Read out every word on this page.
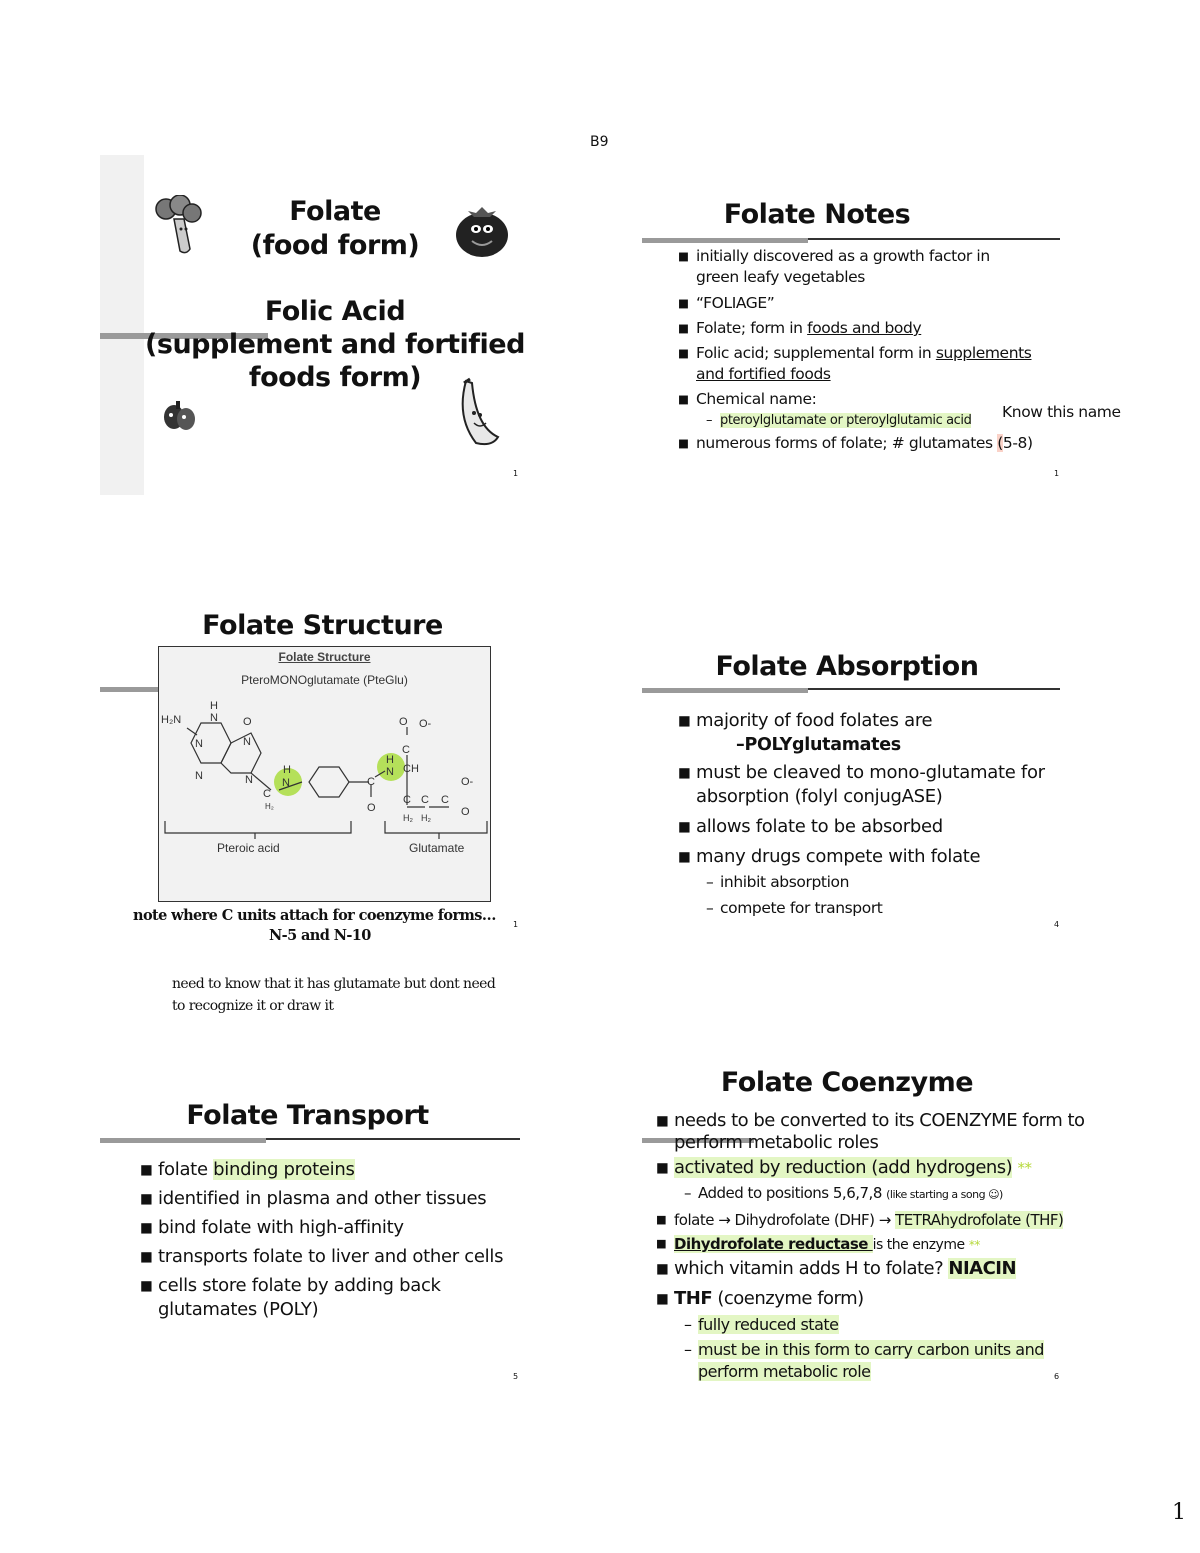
B9
Folate
(food form)
Folic Acid
(supplement and fortified
foods form)
1
Folate Notes
■ initially discovered as a growth factor in
green leafy vegetables
■ “FOLIAGE”
■ Folate; form in foods and body
■ Folic acid; supplemental form in supplements
and fortified foods
■ Chemical name:
– pteroylglutamate or pteroylglutamic acid
■ numerous forms of folate; # glutamates (5-8)
Know this name
1
Folate Structure
Folate Structure
PteroMONOglutamate (PteGlu)
H₂N
H
N O
N	N
N	N
C
H₂
H
N	C
O
H
N
O O-
C
CH
C C C
H₂ H₂
O-
O
Pteroic acid	Glutamate
note where C units attach for coenzyme forms…
N-5 and N-10
need to know that it has glutamate but dont need
to recognize it or draw it
1
Folate Absorption
■ majority of food folates are
–POLYglutamates
■ must be cleaved to mono-glutamate for
absorption (folyl conjugASE)
■ allows folate to be absorbed
■ many drugs compete with folate
– inhibit absorption
– compete for transport
4
Folate Transport
■ folate binding proteins
■ identified in plasma and other tissues
■ bind folate with high-affinity
■ transports folate to liver and other cells
■ cells store folate by adding back
glutamates (POLY)
5
Folate Coenzyme
■ needs to be converted to its COENZYME form to
perform metabolic roles
■ activated by reduction (add hydrogens) **
– Added to positions 5,6,7,8 (like starting a song ☺)
■ folate → Dihydrofolate (DHF) → TETRAhydrofolate (THF)
■ Dihydrofolate reductase is the enzyme **
■ which vitamin adds H to folate? NIACIN
■ THF (coenzyme form)
– fully reduced state
– must be in this form to carry carbon units and
perform metabolic role	6
1
